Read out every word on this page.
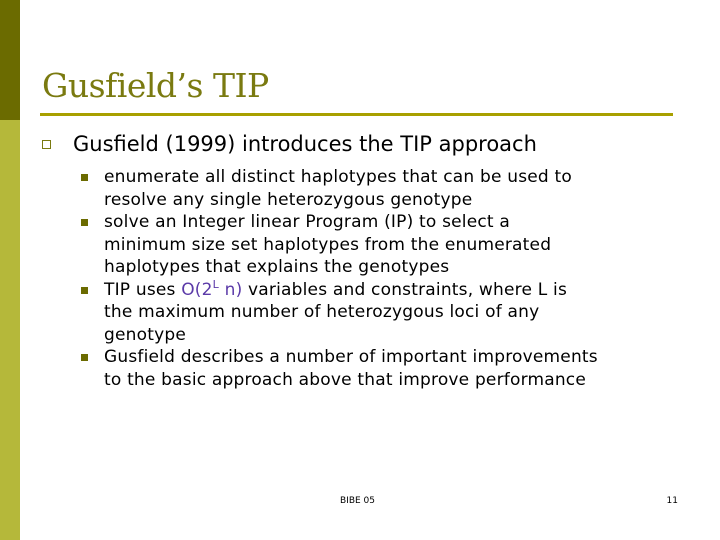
Gusfield’s TIP
Gusfield (1999) introduces the TIP approach
enumerate all distinct haplotypes that can be used to
resolve any single heterozygous genotype
solve an Integer linear Program (IP) to select a
minimum size set haplotypes from the enumerated
haplotypes that explains the genotypes
TIP uses $O(2^L$ n) variables and constraints, where L is
the maximum number of heterozygous loci of any
genotype
Gusfield describes a number of important improvements
to the basic approach above that improve performance
BIBE 05	11
